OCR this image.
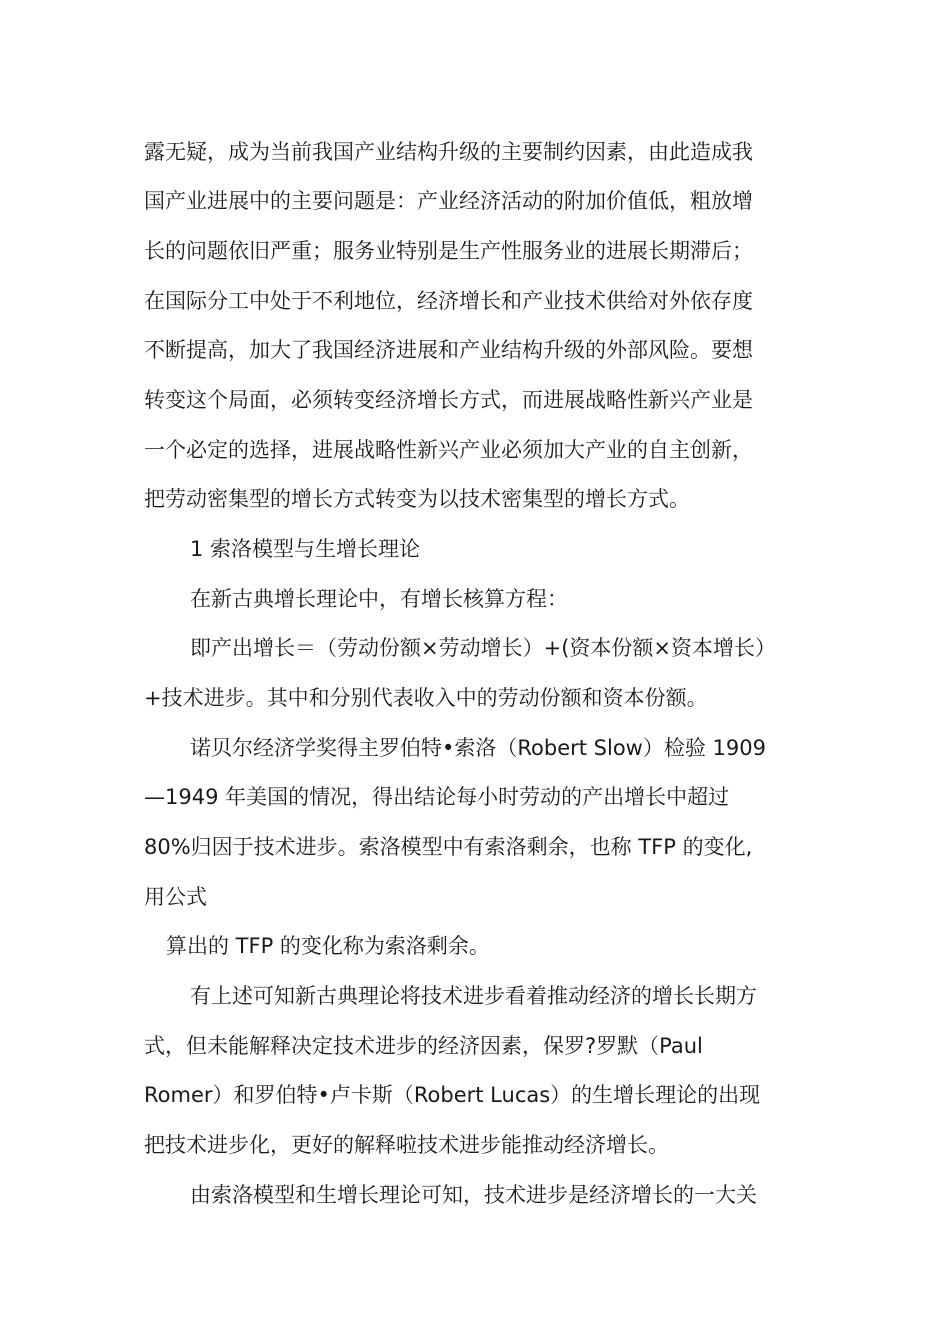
露无疑，成为当前我国产业结构升级的主要制约因素，由此造成我
国产业进展中的主要问题是：产业经济活动的附加价值低，粗放增
长的问题依旧严重；服务业特别是生产性服务业的进展长期滞后；
在国际分工中处于不利地位，经济增长和产业技术供给对外依存度
不断提高，加大了我国经济进展和产业结构升级的外部风险。要想
转变这个局面，必须转变经济增长方式，而进展战略性新兴产业是
一个必定的选择，进展战略性新兴产业必须加大产业的自主创新，
把劳动密集型的增长方式转变为以技术密集型的增长方式。
1 索洛模型与生增长理论
在新古典增长理论中，有增长核算方程：
即产出增长＝（劳动份额×劳动增长）+(资本份额×资本增长）
+技术进步。其中和分别代表收入中的劳动份额和资本份额。
诺贝尔经济学奖得主罗伯特•索洛（Robert Slow）检验 1909
—1949 年美国的情况，得出结论每小时劳动的产出增长中超过
80%归因于技术进步。索洛模型中有索洛剩余，也称 TFP 的变化,
用公式
算出的 TFP 的变化称为索洛剩余。
有上述可知新古典理论将技术进步看着推动经济的增长长期方
式，但未能解释决定技术进步的经济因素，保罗?罗默（Paul
Romer）和罗伯特•卢卡斯（Robert Lucas）的生增长理论的出现
把技术进步化，更好的解释啦技术进步能推动经济增长。
由索洛模型和生增长理论可知，技术进步是经济增长的一大关
